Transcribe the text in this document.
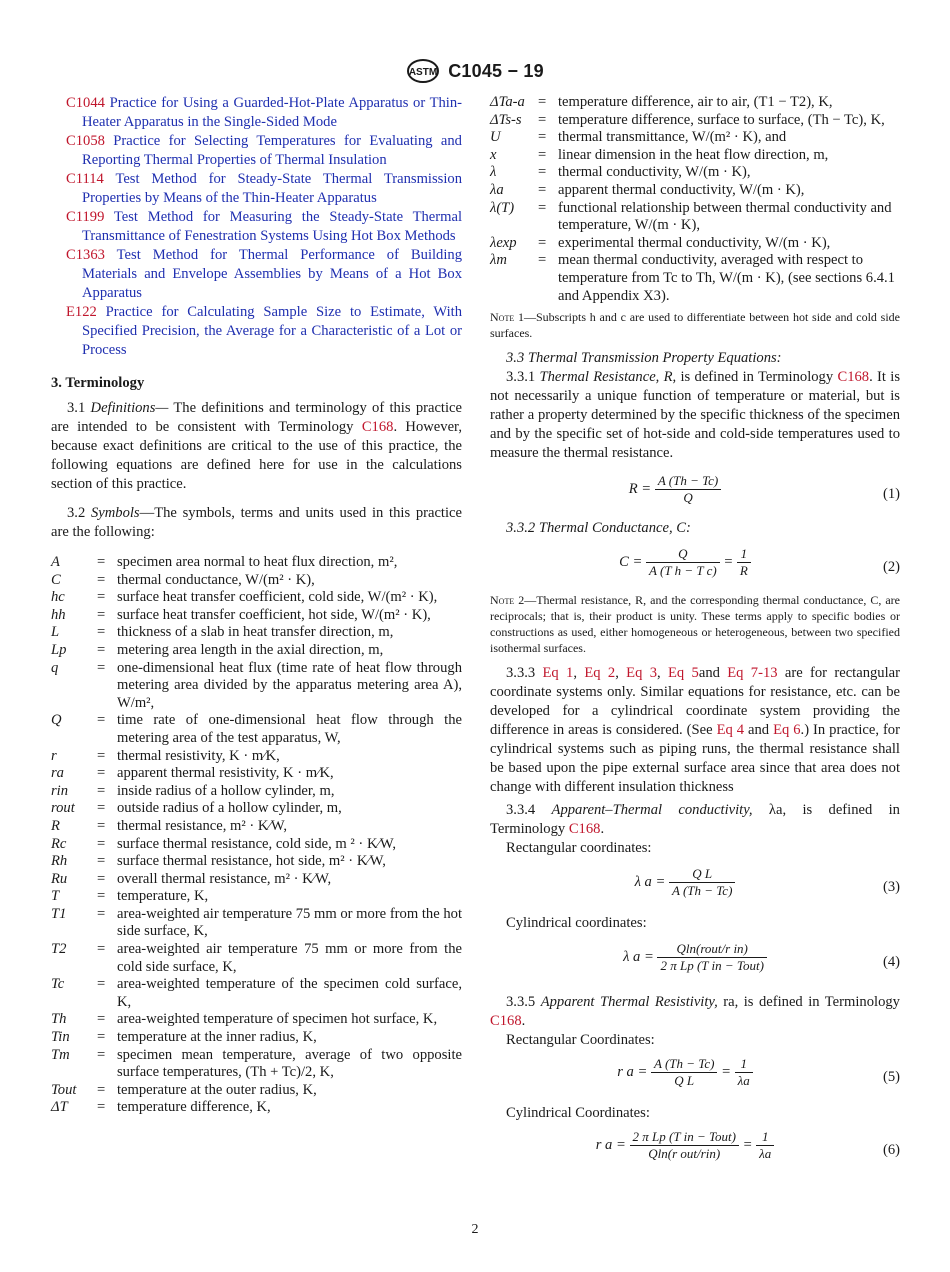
ASTM C1045 − 19

C1044 Practice for Using a Guarded-Hot-Plate Apparatus or Thin-Heater Apparatus in the Single-Sided Mode

C1058 Practice for Selecting Temperatures for Evaluating and Reporting Thermal Properties of Thermal Insulation

C1114 Test Method for Steady-State Thermal Transmission Properties by Means of the Thin-Heater Apparatus

C1199 Test Method for Measuring the Steady-State Thermal Transmittance of Fenestration Systems Using Hot Box Methods

C1363 Test Method for Thermal Performance of Building Materials and Envelope Assemblies by Means of a Hot Box Apparatus

E122 Practice for Calculating Sample Size to Estimate, With Specified Precision, the Average for a Characteristic of a Lot or Process

3. Terminology

3.1 Definitions— The definitions and terminology of this practice are intended to be consistent with Terminology C168. However, because exact definitions are critical to the use of this practice, the following equations are defined here for use in the calculations section of this practice.

3.2 Symbols—The symbols, terms and units used in this practice are the following:

A	=	specimen area normal to heat flux direction, m²,
C	=	thermal conductance, W/(m² · K),
hc	=	surface heat transfer coefficient, cold side, W/(m² · K),
hh	=	surface heat transfer coefficient, hot side, W/(m² · K),
L	=	thickness of a slab in heat transfer direction, m,
Lp	=	metering area length in the axial direction, m,
q	=	one-dimensional heat flux (time rate of heat flow through metering area divided by the apparatus metering area A), W/m²,
Q	=	time rate of one-dimensional heat flow through the metering area of the test apparatus, W,
r	=	thermal resistivity, K · m⁄K,
ra	=	apparent thermal resistivity, K · m⁄K,
rin	=	inside radius of a hollow cylinder, m,
rout	=	outside radius of a hollow cylinder, m,
R	=	thermal resistance, m² · K⁄W,
Rc	=	surface thermal resistance, cold side, m ² · K⁄W,
Rh	=	surface thermal resistance, hot side, m² · K⁄W,
Ru	=	overall thermal resistance, m² · K⁄W,
T	=	temperature, K,
T1	=	area-weighted air temperature 75 mm or more from the hot side surface, K,
T2	=	area-weighted air temperature 75 mm or more from the cold side surface, K,
Tc	=	area-weighted temperature of the specimen cold surface, K,
Th	=	area-weighted temperature of specimen hot surface, K,
Tin	=	temperature at the inner radius, K,
Tm	=	specimen mean temperature, average of two opposite surface temperatures, (Th + Tc)/2, K,
Tout	=	temperature at the outer radius, K,
ΔT	=	temperature difference, K,
ΔTa-a	=	temperature difference, air to air, (T1 − T2), K,
ΔTs-s	=	temperature difference, surface to surface, (Th − Tc), K,
U	=	thermal transmittance, W/(m² · K), and
x	=	linear dimension in the heat flow direction, m,
λ	=	thermal conductivity, W/(m · K),
λa	=	apparent thermal conductivity, W/(m · K),
λ(T)	=	functional relationship between thermal conductivity and temperature, W/(m · K),
λexp	=	experimental thermal conductivity, W/(m · K),
λm	=	mean thermal conductivity, averaged with respect to temperature from Tc to Th, W/(m · K), (see sections 6.4.1 and Appendix X3).

Note 1—Subscripts h and c are used to differentiate between hot side and cold side surfaces.

3.3 Thermal Transmission Property Equations:

3.3.1 Thermal Resistance, R, is defined in Terminology C168. It is not necessarily a unique function of temperature or material, but is rather a property determined by the specific thickness of the specimen and by the specific set of hot-side and cold-side temperatures used to measure the thermal resistance.

$R = \frac{A (Th - Tc)}{Q}$	(1)

3.3.2 Thermal Conductance, C:

$C = \frac{Q}{\text{A (T h − T c)}} = \frac{1}{R}$	(2)

Note 2—Thermal resistance, R, and the corresponding thermal conductance, C, are reciprocals; that is, their product is unity. These terms apply to specific bodies or constructions as used, either homogeneous or heterogeneous, between two specified isothermal surfaces.

3.3.3 Eq 1, Eq 2, Eq 3, Eq 5and Eq 7-13 are for rectangular coordinate systems only. Similar equations for resistance, etc. can be developed for a cylindrical coordinate system providing the difference in areas is considered. (See Eq 4 and Eq 6.) In practice, for cylindrical systems such as piping runs, the thermal resistance shall be based upon the pipe external surface area since that area does not change with different insulation thickness

3.3.4 Apparent–Thermal conductivity, λa, is defined in Terminology C168.

Rectangular coordinates:

λ $a = \frac{\text{Q L}}{A (Th - Tc)}$	(3)

Cylindrical coordinates:

λ $a = \frac{\text{Qln(rout/r in)}}{\text{2 π Lp (T in − Tout)}}$	(4)

3.3.5 Apparent Thermal Resistivity, ra, is defined in Terminology C168.

Rectangular Coordinates:

r $a = \frac{A (Th - Tc)}{\text{Q L}} = \frac{1}{\lambda a}$	(5)

Cylindrical Coordinates:

r $a = \frac{\text{2 π Lp (T in − Tout)}}{\text{Qln(r out/rin)}} = \frac{1}{\lambda a}$	(6)
2
